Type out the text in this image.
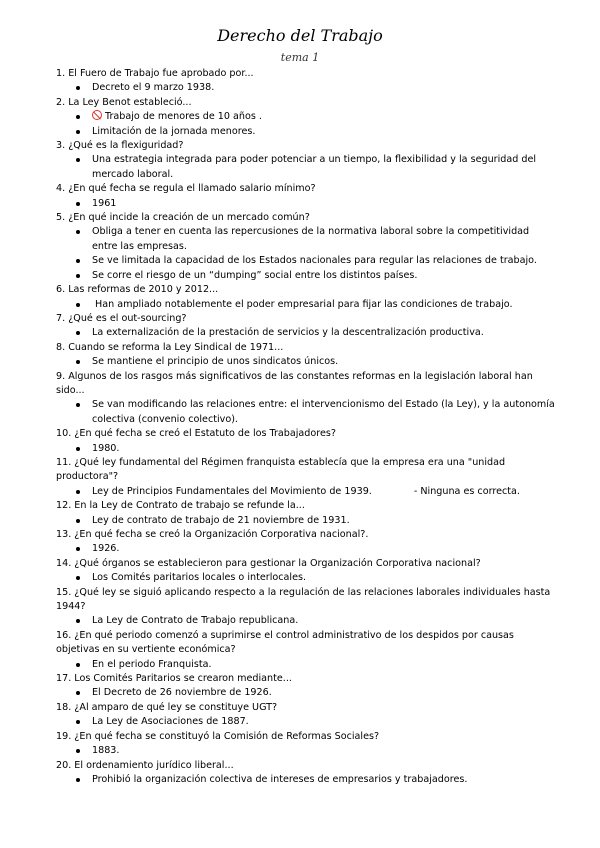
Derecho del Trabajo
tema 1

1. El Fuero de Trabajo fue aprobado por...

Decreto el 9 marzo 1938.

2. La Ley Benot estableció...

Trabajo de menores de 10 años .
Limitación de la jornada menores.

3. ¿Qué es la flexiguridad?

Una estrategia integrada para poder potenciar a un tiempo, la flexibilidad y la seguridad del mercado laboral.

4. ¿En qué fecha se regula el llamado salario mínimo?

1961

5. ¿En qué incide la creación de un mercado común?

Obliga a tener en cuenta las repercusiones de la normativa laboral sobre la competitividad entre las empresas.
Se ve limitada la capacidad de los Estados nacionales para regular las relaciones de trabajo.
Se corre el riesgo de un “dumping” social entre los distintos países.

6. Las reformas de 2010 y 2012...

Han ampliado notablemente el poder empresarial para fijar las condiciones de trabajo.

7. ¿Qué es el out-sourcing?

La externalización de la prestación de servicios y la descentralización productiva.

8. Cuando se reforma la Ley Sindical de 1971...

Se mantiene el principio de unos sindicatos únicos.

9. Algunos de los rasgos más significativos de las constantes reformas en la legislación laboral han sido...

Se van modificando las relaciones entre: el intervencionismo del Estado (la Ley), y la autonomía colectiva (convenio colectivo).

10. ¿En qué fecha se creó el Estatuto de los Trabajadores?

1980.

11. ¿Qué ley fundamental del Régimen franquista establecía que la empresa era una "unidad productora"?

Ley de Principios Fundamentales del Movimiento de 1939.	- Ninguna es correcta.

12. En la Ley de Contrato de trabajo se refunde la...

Ley de contrato de trabajo de 21 noviembre de 1931.

13. ¿En qué fecha se creó la Organización Corporativa nacional?.

1926.

14. ¿Qué órganos se establecieron para gestionar la Organización Corporativa nacional?

Los Comités paritarios locales o interlocales.

15. ¿Qué ley se siguió aplicando respecto a la regulación de las relaciones laborales individuales hasta 1944?

La Ley de Contrato de Trabajo republicana.

16. ¿En qué periodo comenzó a suprimirse el control administrativo de los despidos por causas objetivas en su vertiente económica?

En el periodo Franquista.

17. Los Comités Paritarios se crearon mediante...

El Decreto de 26 noviembre de 1926.

18. ¿Al amparo de qué ley se constituye UGT?

La Ley de Asociaciones de 1887.

19. ¿En qué fecha se constituyó la Comisión de Reformas Sociales?

1883.

20. El ordenamiento jurídico liberal...

Prohibió la organización colectiva de intereses de empresarios y trabajadores.
